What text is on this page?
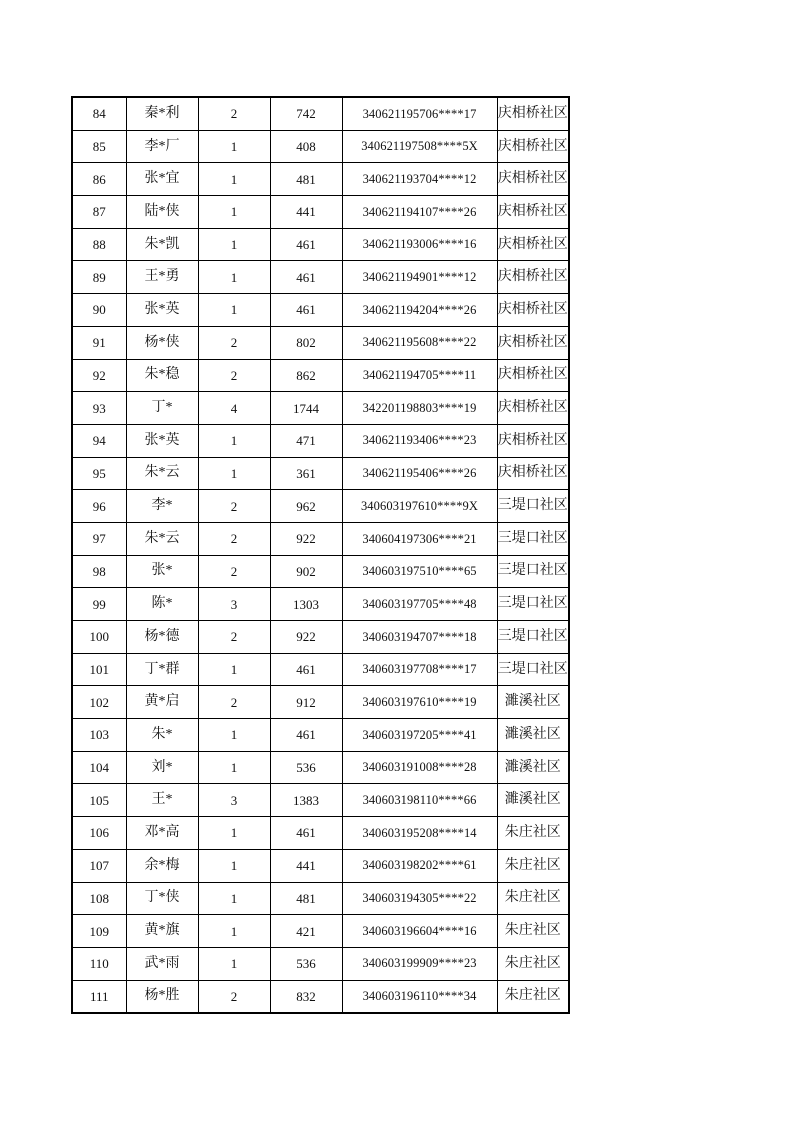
84	秦*利	2	742	340621195706****17	庆相桥社区
85	李*厂	1	408	340621197508****5X	庆相桥社区
86	张*宜	1	481	340621193704****12	庆相桥社区
87	陆*侠	1	441	340621194107****26	庆相桥社区
88	朱*凯	1	461	340621193006****16	庆相桥社区
89	王*勇	1	461	340621194901****12	庆相桥社区
90	张*英	1	461	340621194204****26	庆相桥社区
91	杨*侠	2	802	340621195608****22	庆相桥社区
92	朱*稳	2	862	340621194705****11	庆相桥社区
93	丁*	4	1744	342201198803****19	庆相桥社区
94	张*英	1	471	340621193406****23	庆相桥社区
95	朱*云	1	361	340621195406****26	庆相桥社区
96	李*	2	962	340603197610****9X	三堤口社区
97	朱*云	2	922	340604197306****21	三堤口社区
98	张*	2	902	340603197510****65	三堤口社区
99	陈*	3	1303	340603197705****48	三堤口社区
100	杨*德	2	922	340603194707****18	三堤口社区
101	丁*群	1	461	340603197708****17	三堤口社区
102	黄*启	2	912	340603197610****19	濉溪社区
103	朱*	1	461	340603197205****41	濉溪社区
104	刘*	1	536	340603191008****28	濉溪社区
105	王*	3	1383	340603198110****66	濉溪社区
106	邓*高	1	461	340603195208****14	朱庄社区
107	余*梅	1	441	340603198202****61	朱庄社区
108	丁*侠	1	481	340603194305****22	朱庄社区
109	黄*旗	1	421	340603196604****16	朱庄社区
110	武*雨	1	536	340603199909****23	朱庄社区
111	杨*胜	2	832	340603196110****34	朱庄社区
